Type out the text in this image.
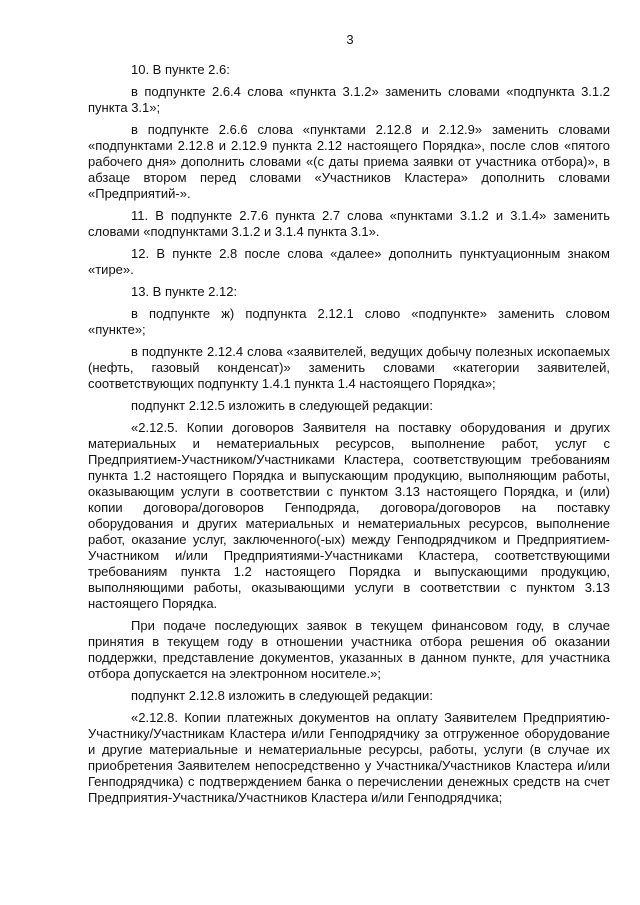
3

10. В пункте 2.6:

в подпункте 2.6.4 слова «пункта 3.1.2» заменить словами «подпункта 3.1.2 пункта 3.1»;

в подпункте 2.6.6 слова «пунктами 2.12.8 и 2.12.9» заменить словами «подпунктами 2.12.8 и 2.12.9 пункта 2.12 настоящего Порядка», после слов «пятого рабочего дня» дополнить словами «(с даты приема заявки от участника отбора)», в абзаце втором перед словами «Участников Кластера» дополнить словами «Предприятий-».

11. В подпункте 2.7.6 пункта 2.7 слова «пунктами 3.1.2 и 3.1.4» заменить словами «подпунктами 3.1.2 и 3.1.4 пункта 3.1».

12. В пункте 2.8 после слова «далее» дополнить пунктуационным знаком «тире».

13. В пункте 2.12:

в подпункте ж) подпункта 2.12.1 слово «подпункте» заменить словом «пункте»;

в подпункте 2.12.4 слова «заявителей, ведущих добычу полезных ископаемых (нефть, газовый конденсат)» заменить словами «категории заявителей, соответствующих подпункту 1.4.1 пункта 1.4 настоящего Порядка»;

подпункт 2.12.5 изложить в следующей редакции:

«2.12.5. Копии договоров Заявителя на поставку оборудования и других материальных и нематериальных ресурсов, выполнение работ, услуг с Предприятием-Участником/Участниками Кластера, соответствующим требованиям пункта 1.2 настоящего Порядка и выпускающим продукцию, выполняющим работы, оказывающим услуги в соответствии с пунктом 3.13 настоящего Порядка, и (или) копии договора/договоров Генподряда, договора/договоров на поставку оборудования и других материальных и нематериальных ресурсов, выполнение работ, оказание услуг, заключенного(-ых) между Генподрядчиком и Предприятием-Участником и/или Предприятиями-Участниками Кластера, соответствующими требованиям пункта 1.2 настоящего Порядка и выпускающими продукцию, выполняющими работы, оказывающими услуги в соответствии с пунктом 3.13 настоящего Порядка.

При подаче последующих заявок в текущем финансовом году, в случае принятия в текущем году в отношении участника отбора решения об оказании поддержки, представление документов, указанных в данном пункте, для участника отбора допускается на электронном носителе.»;

подпункт 2.12.8 изложить в следующей редакции:

«2.12.8. Копии платежных документов на оплату Заявителем Предприятию-Участнику/Участникам Кластера и/или Генподрядчику за отгруженное оборудование и другие материальные и нематериальные ресурсы, работы, услуги (в случае их приобретения Заявителем непосредственно у Участника/Участников Кластера и/или Генподрядчика) с подтверждением банка о перечислении денежных средств на счет Предприятия-Участника/Участников Кластера и/или Генподрядчика;
